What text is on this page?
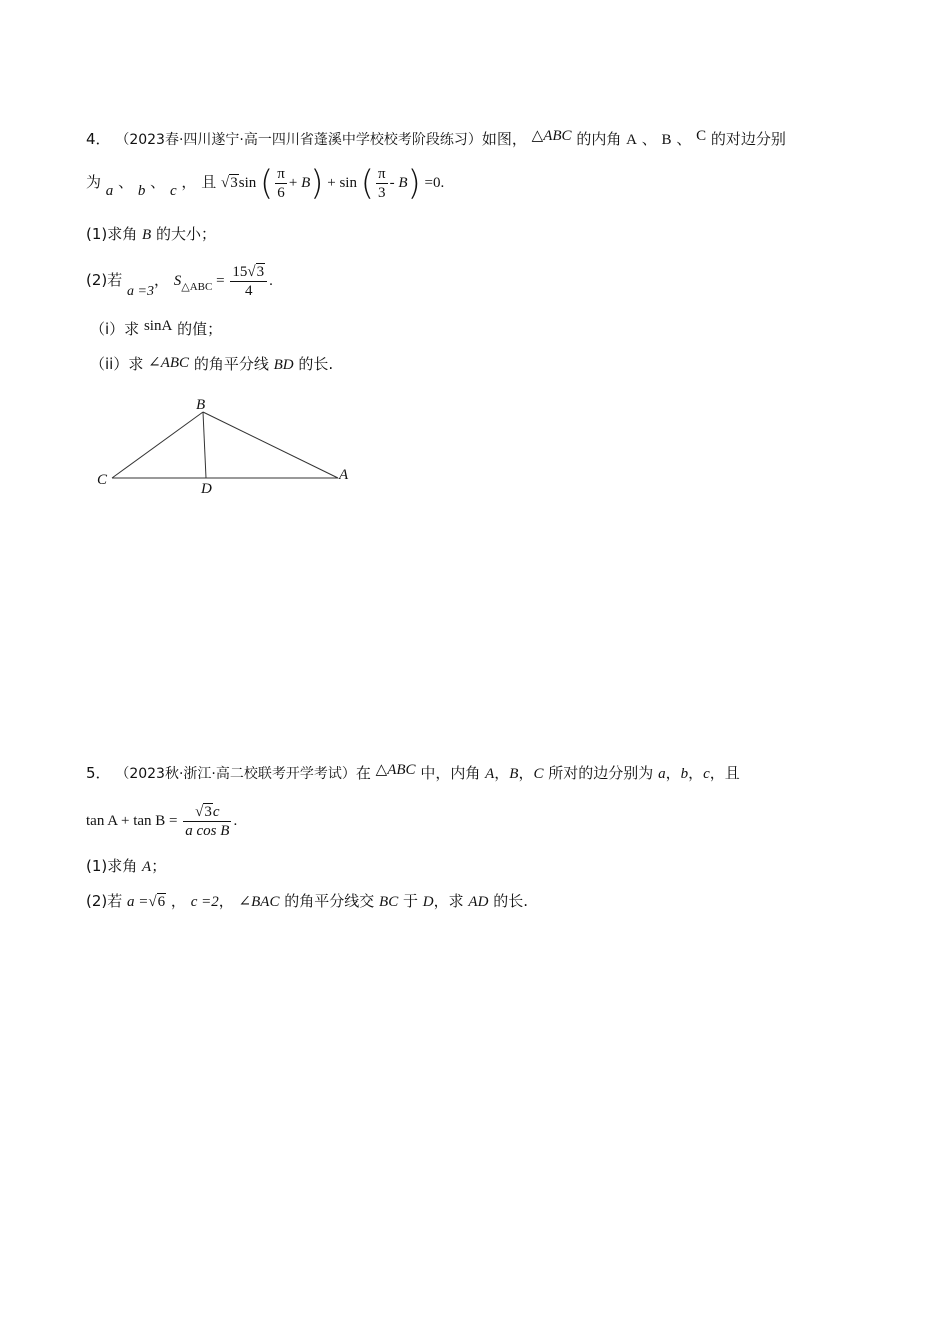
4． （2023春·四川遂宁·高一四川省蓬溪中学校校考阶段练习）如图， △ABC 的内角 A 、 B 、 C 的对边分别
为 a 、 b 、 c ， 且 √3sin ( $\frac{\pi}{6} + B) + \sin$ ( $\frac{\pi}{3} - B) =0$.
(1)求角 B 的大小；
(2)若 a =3， $S_{\triangle ABC} = \frac{15√3}{4}$ .
（i）求 sinA 的值；
（ii）求 ∠ABC 的角平分线 BD 的长.
B
C
D
A
5． （2023秋·浙江·高二校联考开学考试）在 △ABC 中，内角 A，B，C 所对的边分别为 a，b，c，且
$\tan A + \tan B = \frac{√3c}{\text{a cos B}}$ .
(1)求角 A；
(2)若 a =√6 ， c =2， ∠BAC 的角平分线交 BC 于 D，求 AD 的长.
